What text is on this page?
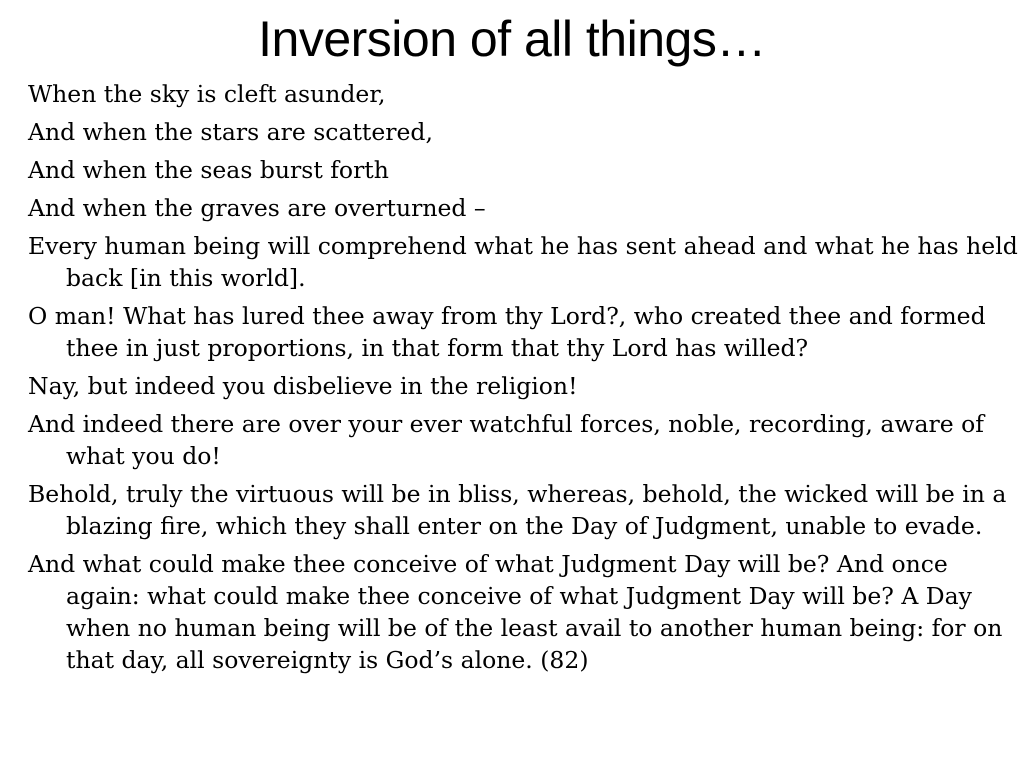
Inversion of all things…
When the sky is cleft asunder,
And when the stars are scattered,
And when the seas burst forth
And when the graves are overturned –
Every human being will comprehend what he has sent ahead and what he has held back [in this world].
O man! What has lured thee away from thy Lord?, who created thee and formed thee in just proportions, in that form that thy Lord has willed?
Nay, but indeed you disbelieve in the religion!
And indeed there are over your ever watchful forces, noble, recording, aware of what you do!
Behold, truly the virtuous will be in bliss, whereas, behold, the wicked will be in a blazing fire, which they shall enter on the Day of Judgment, unable to evade.
And what could make thee conceive of what Judgment Day will be? And once again: what could make thee conceive of what Judgment Day will be? A Day when no human being will be of the least avail to another human being: for on that day, all sovereignty is God’s alone. (82)
